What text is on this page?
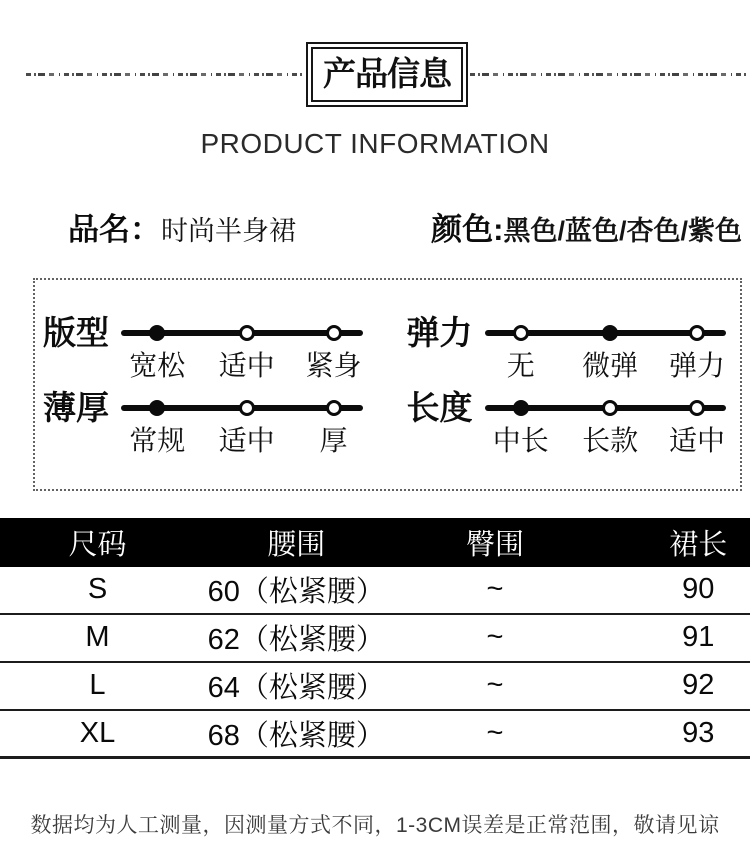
产品信息
PRODUCT INFORMATION
品名：时尚半身裙	颜色:黑色/蓝色/杏色/紫色
版型
宽松 适中 紧身
弹力
无 微弹 弹力
薄厚
常规 适中 厚
长度
中长 长款 适中
尺码	腰围	臀围	裙长
S	60（松紧腰）	~	90
M	62（松紧腰）	~	91
L	64（松紧腰）	~	92
XL	68（松紧腰）	~	93
数据均为人工测量，因测量方式不同，1-3CM误差是正常范围，敬请见谅
